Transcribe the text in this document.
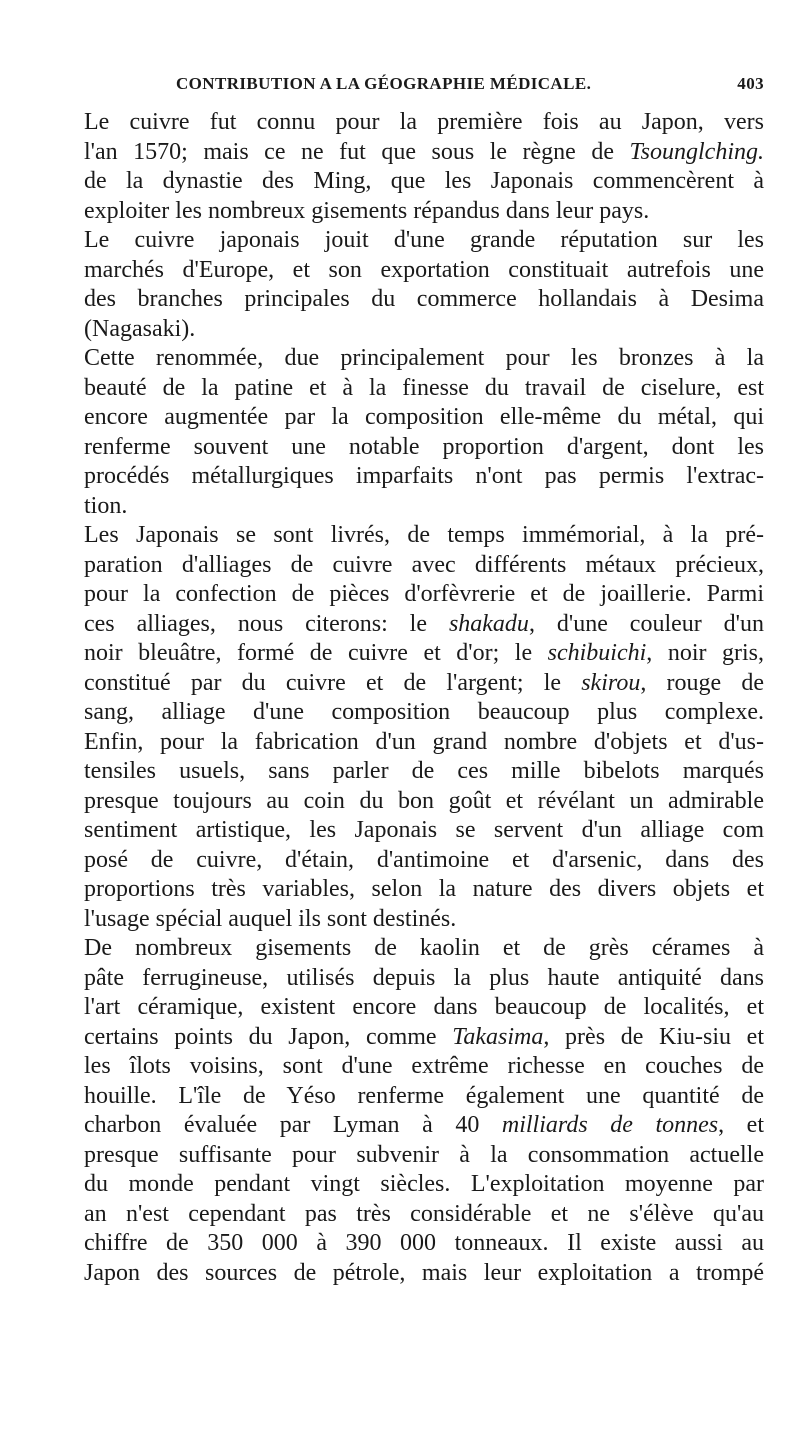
CONTRIBUTION A LA GÉOGRAPHIE MÉDICALE.	403
Le cuivre fut connu pour la première fois au Japon, vers
l'an 1570; mais ce ne fut que sous le règne de Tsounglching.
de la dynastie des Ming, que les Japonais commencèrent à
exploiter les nombreux gisements répandus dans leur pays.
Le cuivre japonais jouit d'une grande réputation sur les
marchés d'Europe, et son exportation constituait autrefois une
des branches principales du commerce hollandais à Desima
(Nagasaki).
Cette renommée, due principalement pour les bronzes à la
beauté de la patine et à la finesse du travail de ciselure, est
encore augmentée par la composition elle-même du métal, qui
renferme souvent une notable proportion d'argent, dont les
procédés métallurgiques imparfaits n'ont pas permis l'extrac-
tion.
Les Japonais se sont livrés, de temps immémorial, à la pré-
paration d'alliages de cuivre avec différents métaux précieux,
pour la confection de pièces d'orfèvrerie et de joaillerie. Parmi
ces alliages, nous citerons: le shakadu, d'une couleur d'un
noir bleuâtre, formé de cuivre et d'or; le schibuichi, noir gris,
constitué par du cuivre et de l'argent; le skirou, rouge de
sang, alliage d'une composition beaucoup plus complexe.
Enfin, pour la fabrication d'un grand nombre d'objets et d'us-
tensiles usuels, sans parler de ces mille bibelots marqués
presque toujours au coin du bon goût et révélant un admirable
sentiment artistique, les Japonais se servent d'un alliage com
posé de cuivre, d'étain, d'antimoine et d'arsenic, dans des
proportions très variables, selon la nature des divers objets et
l'usage spécial auquel ils sont destinés.
De nombreux gisements de kaolin et de grès cérames à
pâte ferrugineuse, utilisés depuis la plus haute antiquité dans
l'art céramique, existent encore dans beaucoup de localités, et
certains points du Japon, comme Takasima, près de Kiu-siu et
les îlots voisins, sont d'une extrême richesse en couches de
houille. L'île de Yéso renferme également une quantité de
charbon évaluée par Lyman à 40 milliards de tonnes, et
presque suffisante pour subvenir à la consommation actuelle
du monde pendant vingt siècles. L'exploitation moyenne par
an n'est cependant pas très considérable et ne s'élève qu'au
chiffre de 350 000 à 390 000 tonneaux. Il existe aussi au
Japon des sources de pétrole, mais leur exploitation a trompé
